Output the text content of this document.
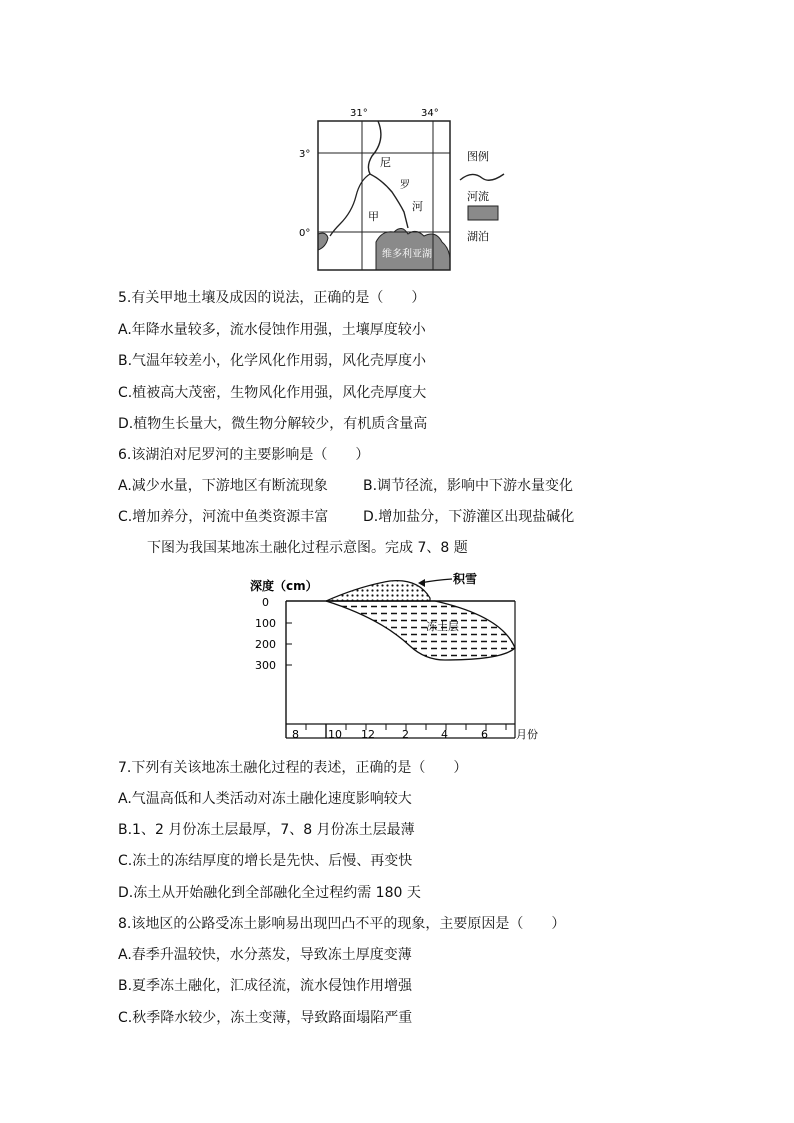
31°	34°
3°
0°
尼
罗
河
甲
维多利亚湖
图例
河流
湖泊
5.有关甲地土壤及成因的说法，正确的是（　　）
A.年降水量较多，流水侵蚀作用强，土壤厚度较小
B.气温年较差小，化学风化作用弱，风化壳厚度小
C.植被高大茂密，生物风化作用强，风化壳厚度大
D.植物生长量大，微生物分解较少，有机质含量高
6.该湖泊对尼罗河的主要影响是（　　）
A.减少水量，下游地区有断流现象	B.调节径流，影响中下游水量变化
C.增加养分，河流中鱼类资源丰富 D.增加盐分，下游灌区出现盐碱化
下图为我国某地冻土融化过程示意图。完成 7、8 题
深度（cm）
0
100
200
300
8	10 12 2	4	6	月份
积雪
冻土层
7.下列有关该地冻土融化过程的表述，正确的是（　　）
A.气温高低和人类活动对冻土融化速度影响较大
B.1、2 月份冻土层最厚，7、8 月份冻土层最薄
C.冻土的冻结厚度的增长是先快、后慢、再变快
D.冻土从开始融化到全部融化全过程约需 180 天
8.该地区的公路受冻土影响易出现凹凸不平的现象，主要原因是（　　）
A.春季升温较快，水分蒸发，导致冻土厚度变薄
B.夏季冻土融化，汇成径流，流水侵蚀作用增强
C.秋季降水较少，冻土变薄，导致路面塌陷严重
